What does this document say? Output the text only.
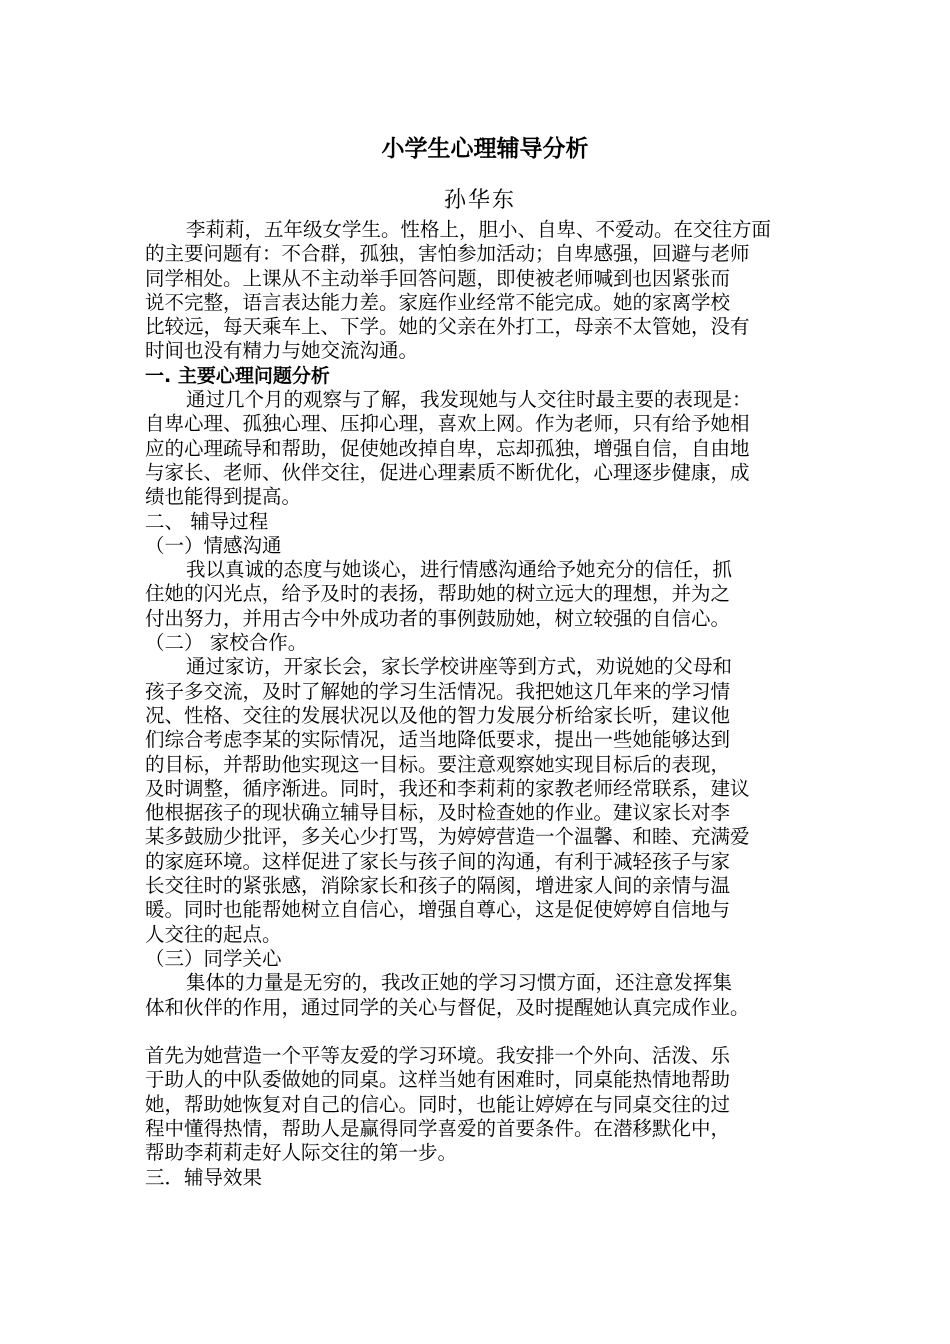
小学生心理辅导分析
孙华东
李莉莉，五年级女学生。性格上，胆小、自卑、不爱动。在交往方面
的主要问题有：不合群，孤独，害怕参加活动；自卑感强，回避与老师
同学相处。上课从不主动举手回答问题，即使被老师喊到也因紧张而
说不完整，语言表达能力差。家庭作业经常不能完成。她的家离学校
比较远，每天乘车上、下学。她的父亲在外打工，母亲不太管她，没有
时间也没有精力与她交流沟通。
一. 主要心理问题分析
通过几个月的观察与了解，我发现她与人交往时最主要的表现是：
自卑心理、孤独心理、压抑心理，喜欢上网。作为老师，只有给予她相
应的心理疏导和帮助，促使她改掉自卑，忘却孤独，增强自信，自由地
与家长、老师、伙伴交往，促进心理素质不断优化，心理逐步健康，成
绩也能得到提高。
二、 辅导过程
（一）情感沟通
我以真诚的态度与她谈心，进行情感沟通给予她充分的信任，抓
住她的闪光点，给予及时的表扬，帮助她的树立远大的理想，并为之
付出努力，并用古今中外成功者的事例鼓励她，树立较强的自信心。
（二） 家校合作。
通过家访，开家长会，家长学校讲座等到方式，劝说她的父母和
孩子多交流，及时了解她的学习生活情况。我把她这几年来的学习情
况、性格、交往的发展状况以及他的智力发展分析给家长听，建议他
们综合考虑李某的实际情况，适当地降低要求，提出一些她能够达到
的目标，并帮助他实现这一目标。要注意观察她实现目标后的表现，
及时调整，循序渐进。同时，我还和李莉莉的家教老师经常联系，建议
他根据孩子的现状确立辅导目标，及时检查她的作业。建议家长对李
某多鼓励少批评，多关心少打骂，为婷婷营造一个温馨、和睦、充满爱
的家庭环境。这样促进了家长与孩子间的沟通，有利于减轻孩子与家
长交往时的紧张感，消除家长和孩子的隔阂，增进家人间的亲情与温
暖。同时也能帮她树立自信心，增强自尊心，这是促使婷婷自信地与
人交往的起点。
（三）同学关心
集体的力量是无穷的，我改正她的学习习惯方面，还注意发挥集
体和伙伴的作用，通过同学的关心与督促，及时提醒她认真完成作业。
首先为她营造一个平等友爱的学习环境。我安排一个外向、活泼、乐
于助人的中队委做她的同桌。这样当她有困难时，同桌能热情地帮助
她，帮助她恢复对自己的信心。同时，也能让婷婷在与同桌交往的过
程中懂得热情，帮助人是赢得同学喜爱的首要条件。在潜移默化中，
帮助李莉莉走好人际交往的第一步。
三．辅导效果
